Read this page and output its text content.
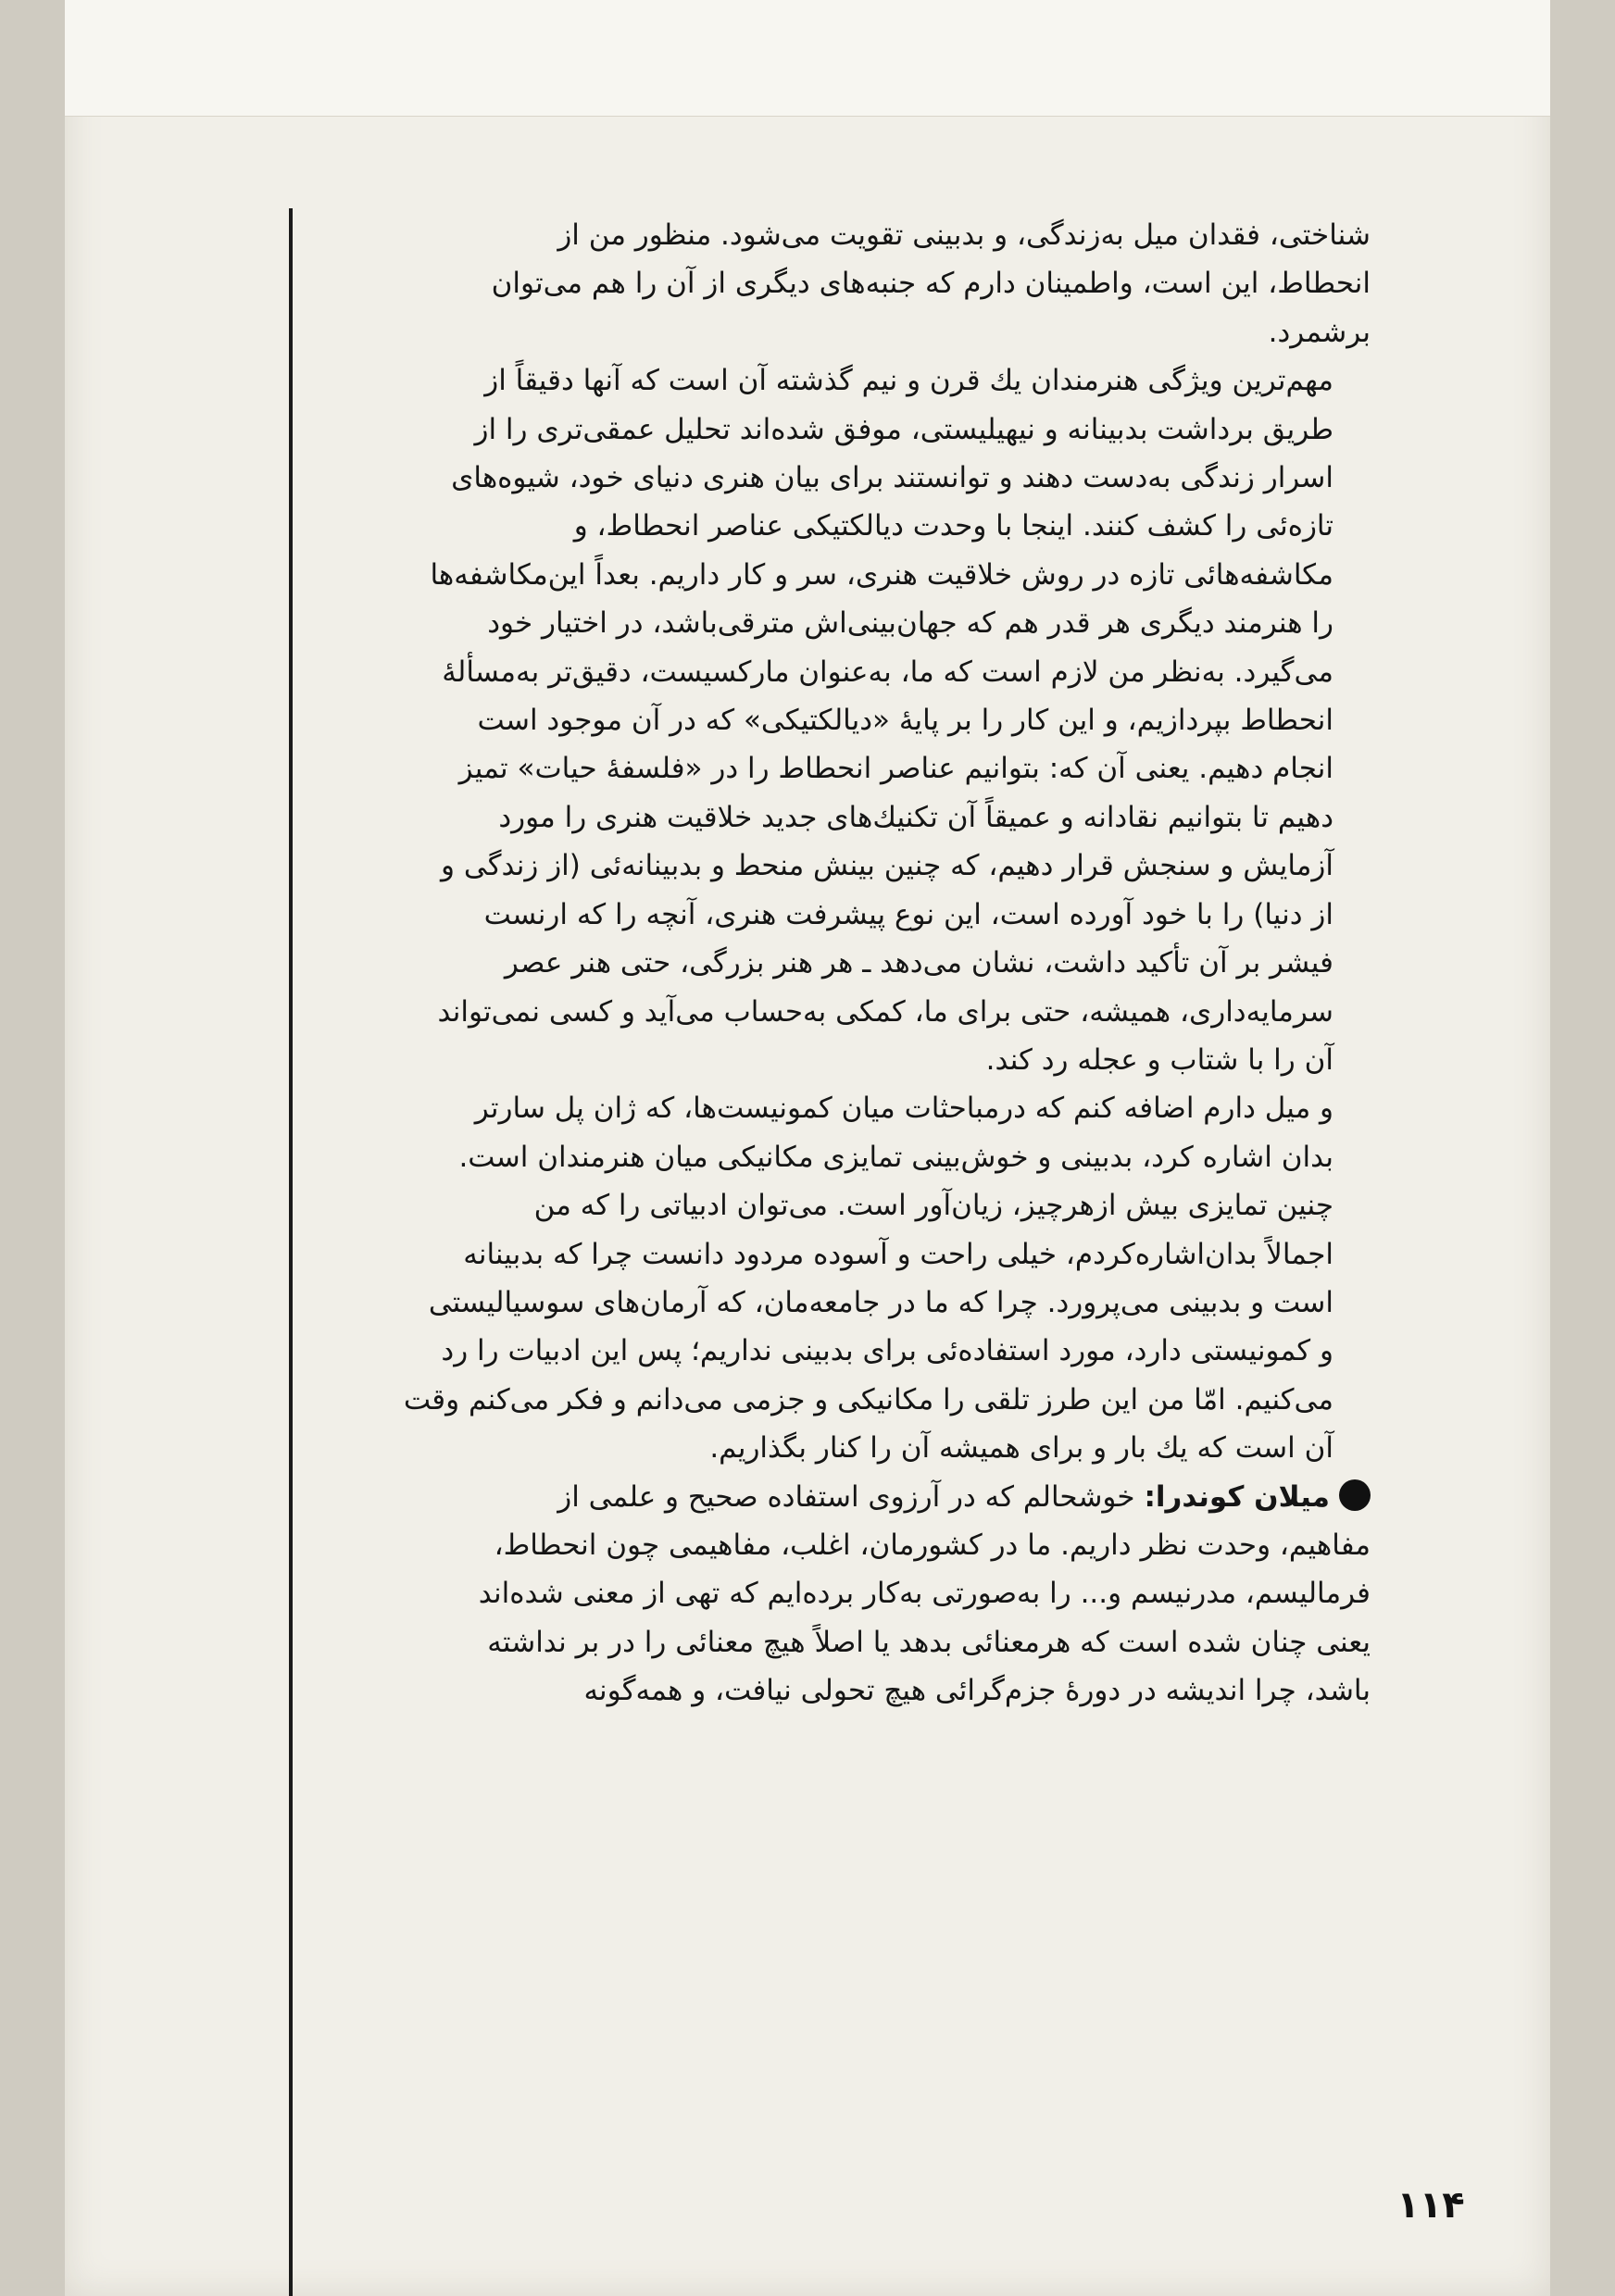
شناختی، فقدان میل به‌زندگی، و بدبینی تقویت می‌شود. منظور من از
انحطاط، این است، واطمینان دارم که جنبه‌های دیگری از آن را هم می‌توان
برشمرد.

مهم‌ترین ویژگی هنرمندان یك قرن و نیم گذشته آن است که آنها دقیقاً از
طریق برداشت بدبینانه و نیهیلیستی، موفق شده‌اند تحلیل عمقی‌تری را از
اسرار زندگی به‌دست دهند و توانستند برای بیان هنری دنیای خود، شیوه‌های
تازه‌ئی را کشف کنند. اینجا با وحدت دیالکتیکی عناصر انحطاط، و
مکاشفه‌هائی تازه در روش خلاقیت هنری، سر و کار داریم. بعداً این‌مکاشفه‌ها
را هنرمند دیگری هر قدر هم که جهان‌بینی‌اش مترقی‌باشد، در اختیار خود
می‌گیرد. به‌نظر من لازم است که ما، به‌عنوان مارکسیست، دقیق‌تر به‌مسألهٔ
انحطاط بپردازیم، و این کار را بر پایهٔ «دیالکتیکی» که در آن موجود است
انجام دهیم. یعنی آن که: بتوانیم عناصر انحطاط را در «فلسفهٔ حیات» تمیز
دهیم تا بتوانیم نقادانه و عمیقاً آن تکنیك‌های جدید خلاقیت هنری را مورد
آزمایش و سنجش قرار دهیم، که چنین بینش منحط و بدبینانه‌ئی (از زندگی و
از دنیا) را با خود آورده است، این نوع پیشرفت هنری، آنچه را که ارنست
فیشر بر آن تأکید داشت، نشان می‌دهد ـ هر هنر بزرگی، حتی هنر عصر
سرمایه‌داری، همیشه، حتی برای ما، کمکی به‌حساب می‌آید و کسی نمی‌تواند
آن را با شتاب و عجله رد کند.

و میل دارم اضافه کنم که درمباحثات میان کمونیست‌ها، که ژان پل سارتر
بدان اشاره کرد، بدبینی و خوش‌بینی تمایزی مکانیکی میان هنرمندان است.
چنین تمایزی بیش ازهرچیز، زیان‌آور است. می‌توان ادبیاتی را که من
اجمالاً بدان‌اشاره‌کردم، خیلی راحت و آسوده مردود دانست چرا که بدبینانه
است و بدبینی می‌پرورد. چرا که ما در جامعه‌مان، که آرمان‌های سوسیالیستی
و کمونیستی دارد، مورد استفاده‌ئی برای بدبینی نداریم؛ پس این ادبیات را رد
می‌کنیم. امّا من این طرز تلقی را مکانیکی و جزمی می‌دانم و فکر می‌کنم وقت
آن است که یك بار و برای همیشه آن را کنار بگذاریم.

میلان کوندرا: خوشحالم که در آرزوی استفاده صحیح و علمی از
مفاهیم، وحدت نظر داریم. ما در کشورمان، اغلب، مفاهیمی چون انحطاط،
فرمالیسم، مدرنیسم و... را به‌صورتی به‌کار برده‌ایم که تهی از معنی شده‌اند
یعنی چنان شده است که هرمعنائی بدهد یا اصلاً هیچ معنائی را در بر نداشته
باشد، چرا اندیشه در دورهٔ جزم‌گرائی هیچ تحولی نیافت، و همه‌گونه

۱۱۴
